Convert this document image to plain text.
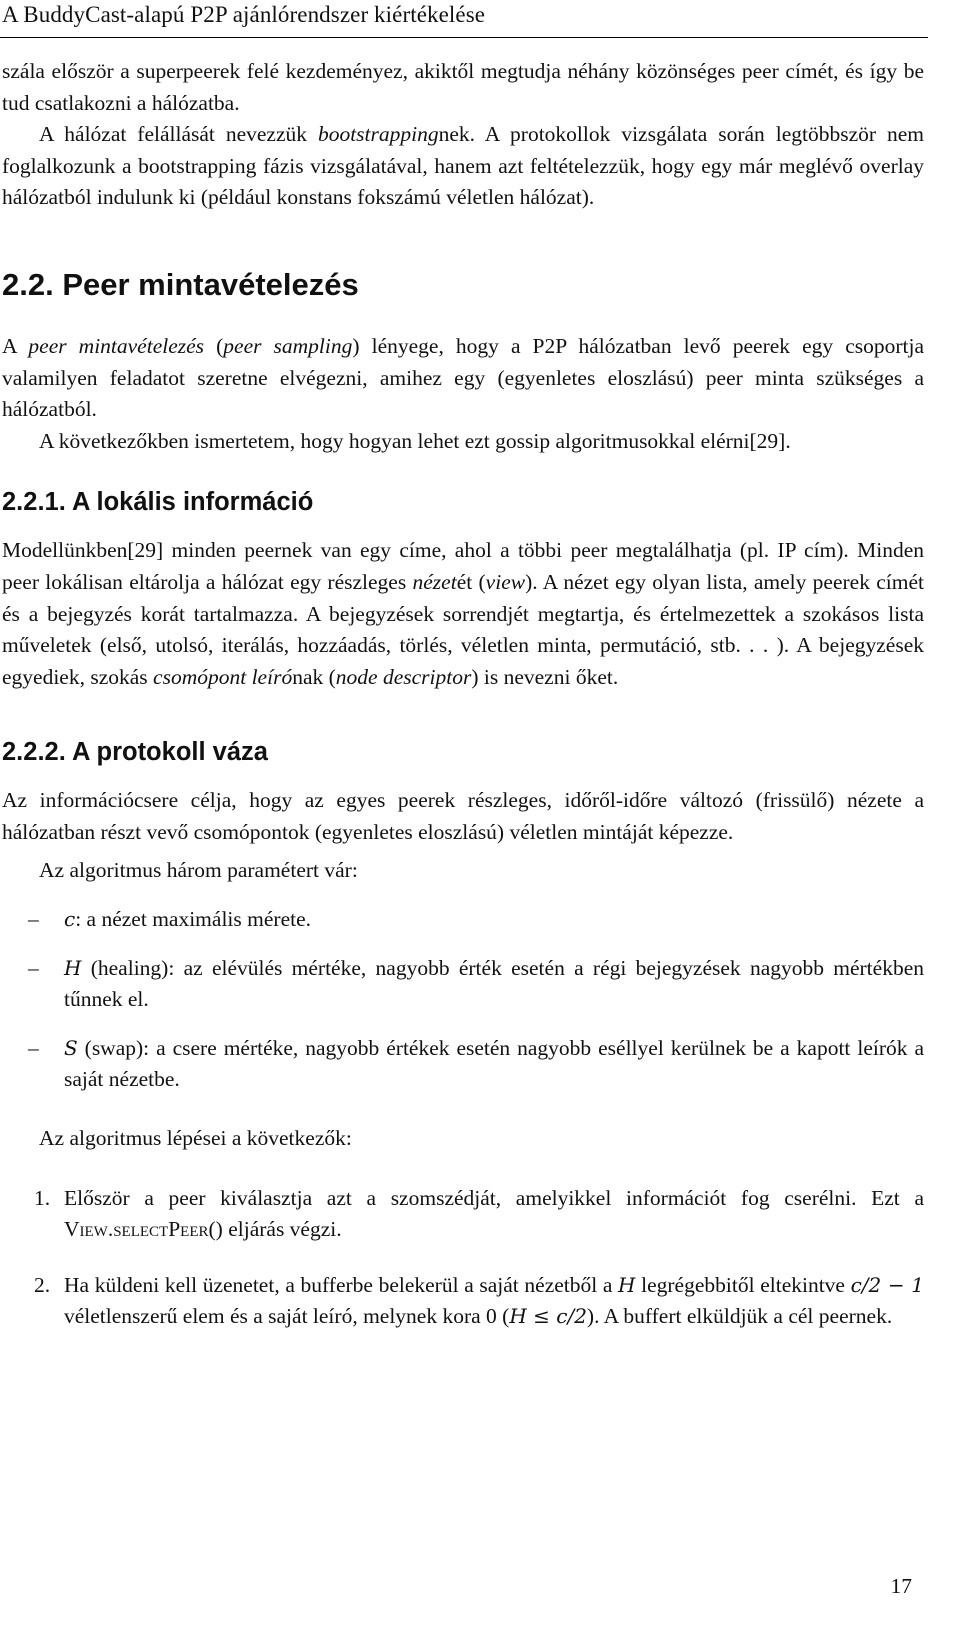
A BuddyCast-alapú P2P ajánlórendszer kiértékelése

szála először a superpeerek felé kezdeményez, akiktől megtudja néhány közönséges peer címét, és így be tud csatlakozni a hálózatba.

A hálózat felállását nevezzük bootstrappingnek. A protokollok vizsgálata során legtöbbször nem foglalkozunk a bootstrapping fázis vizsgálatával, hanem azt feltételezzük, hogy egy már meglévő overlay hálózatból indulunk ki (például konstans fokszámú véletlen hálózat).

2.2. Peer mintavételezés

A peer mintavételezés (peer sampling) lényege, hogy a P2P hálózatban levő peerek egy csoportja valamilyen feladatot szeretne elvégezni, amihez egy (egyenletes eloszlású) peer minta szükséges a hálózatból.

A következőkben ismertetem, hogy hogyan lehet ezt gossip algoritmusokkal elérni[29].

2.2.1. A lokális információ

Modellünkben[29] minden peernek van egy címe, ahol a többi peer megtalálhatja (pl. IP cím). Minden peer lokálisan eltárolja a hálózat egy részleges nézetét (view). A nézet egy olyan lista, amely peerek címét és a bejegyzés korát tartalmazza. A bejegyzések sorrendjét megtartja, és értelmezettek a szokásos lista műveletek (első, utolsó, iterálás, hozzáadás, törlés, véletlen minta, permutáció, stb. . . ). A bejegyzések egyediek, szokás csomópont leírónak (node descriptor) is nevezni őket.

2.2.2. A protokoll váza

Az információcsere célja, hogy az egyes peerek részleges, időről-időre változó (frissülő) nézete a hálózatban részt vevő csomópontok (egyenletes eloszlású) véletlen mintáját képezze.

Az algoritmus három paramétert vár:

– c: a nézet maximális mérete.
– H (healing): az elévülés mértéke, nagyobb érték esetén a régi bejegyzések nagyobb mértékben tűnnek el.
– S (swap): a csere mértéke, nagyobb értékek esetén nagyobb eséllyel kerülnek be a kapott leírók a saját nézetbe.

Az algoritmus lépései a következők:

1. Először a peer kiválasztja azt a szomszédját, amelyikkel információt fog cserélni. Ezt a View.selectPeer() eljárás végzi.
2. Ha küldeni kell üzenetet, a bufferbe belekerül a saját nézetből a H legrégebbitől eltekintve c/2 − 1 véletlenszerű elem és a saját leíró, melynek kora 0 (H ≤ c/2). A buffert elküldjük a cél peernek.
17
